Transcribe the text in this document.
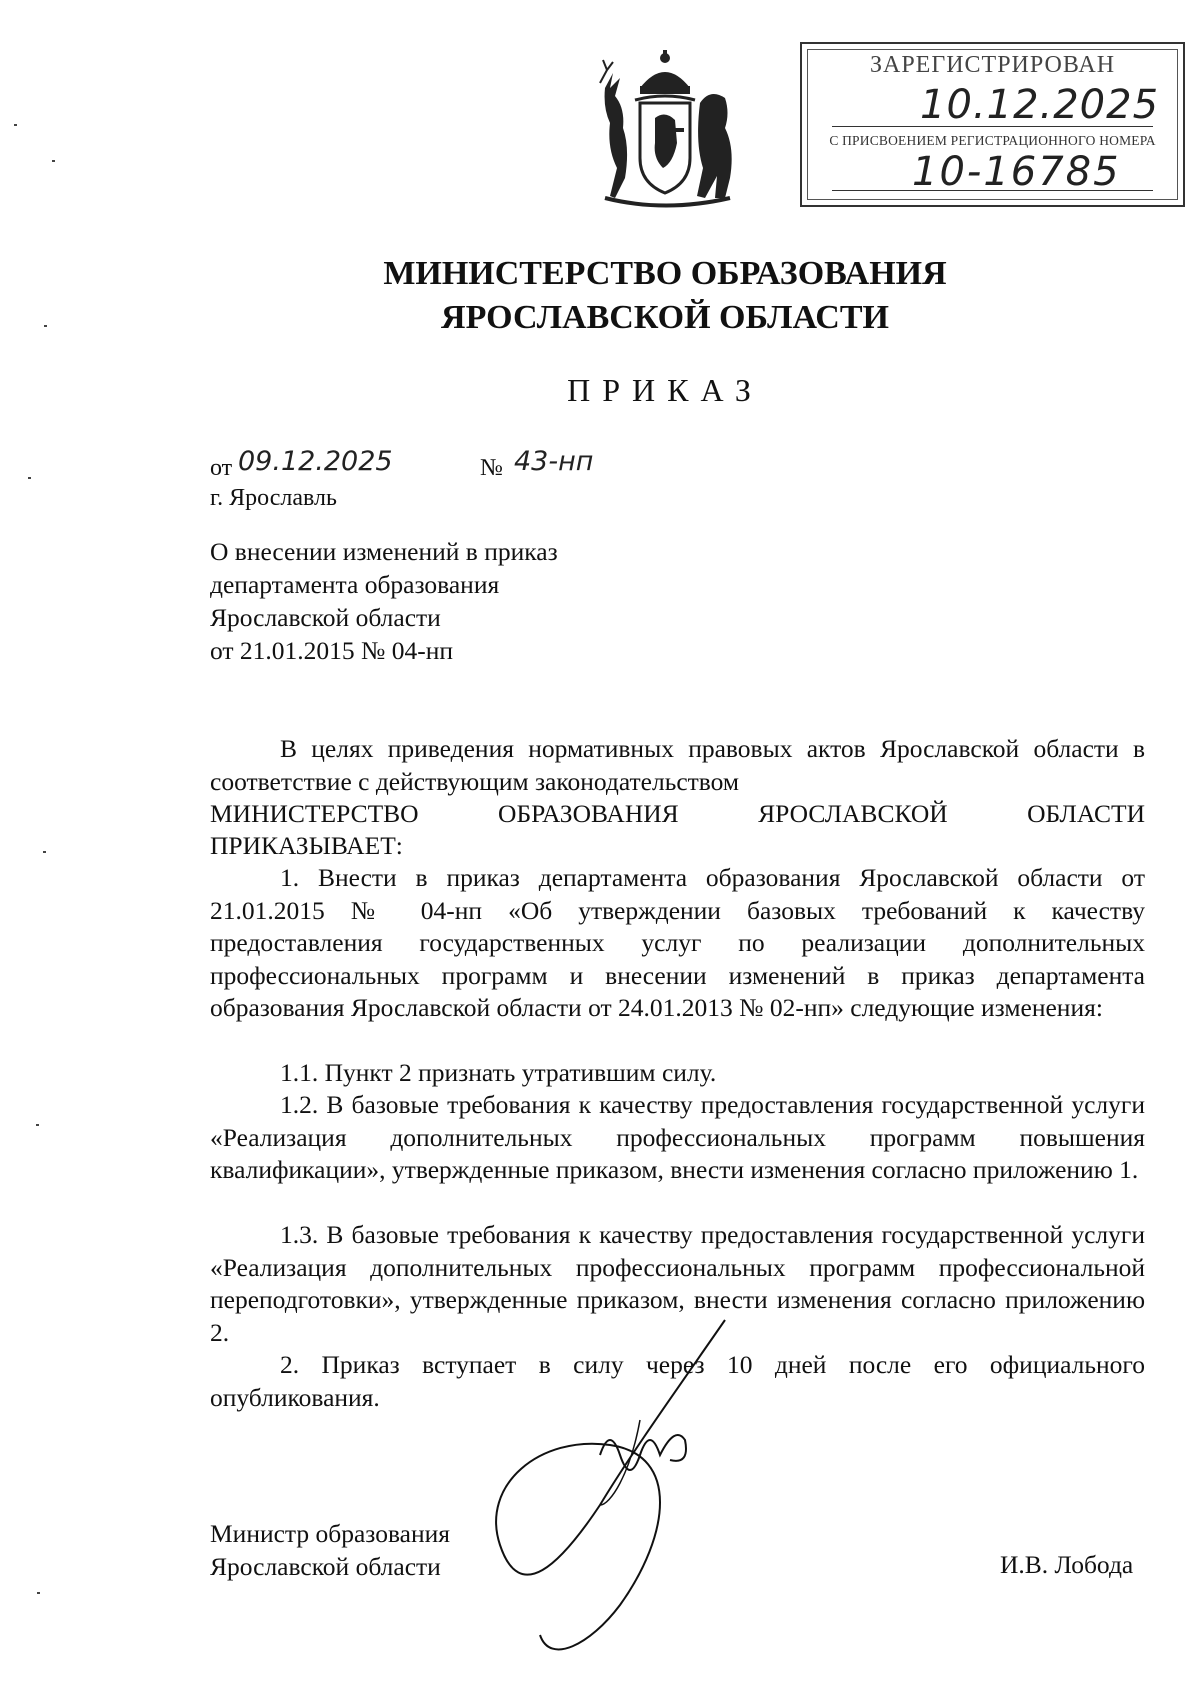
ЗАРЕГИСТРИРОВАН
10.12.2025
С ПРИСВОЕНИЕМ РЕГИСТРАЦИОННОГО НОМЕРА
10-16785
МИНИСТЕРСТВО ОБРАЗОВАНИЯ
ЯРОСЛАВСКОЙ ОБЛАСТИ
ПРИКАЗ
от 09.12.2025	№ 43-нп
г. Ярославль
О внесении изменений в приказ
департамента образования
Ярославской области
от 21.01.2015 № 04-нп
В целях приведения нормативных правовых актов Ярославской области в соответствие с действующим законодательством
МИНИСТЕРСТВО ОБРАЗОВАНИЯ ЯРОСЛАВСКОЙ ОБЛАСТИ
ПРИКАЗЫВАЕТ:
1. Внести в приказ департамента образования Ярославской области от 21.01.2015 № 04-нп «Об утверждении базовых требований к качеству предоставления государственных услуг по реализации дополнительных профессиональных программ и внесении изменений в приказ департамента образования Ярославской области от 24.01.2013 № 02-нп» следующие изменения:
1.1. Пункт 2 признать утратившим силу.
1.2. В базовые требования к качеству предоставления государственной услуги «Реализация дополнительных профессиональных программ повышения квалификации», утвержденные приказом, внести изменения согласно приложению 1.
1.3. В базовые требования к качеству предоставления государственной услуги «Реализация дополнительных профессиональных программ профессиональной переподготовки», утвержденные приказом, внести изменения согласно приложению 2.
2. Приказ вступает в силу через 10 дней после его официального опубликования.
Министр образования
Ярославской области	И.В. Лобода
